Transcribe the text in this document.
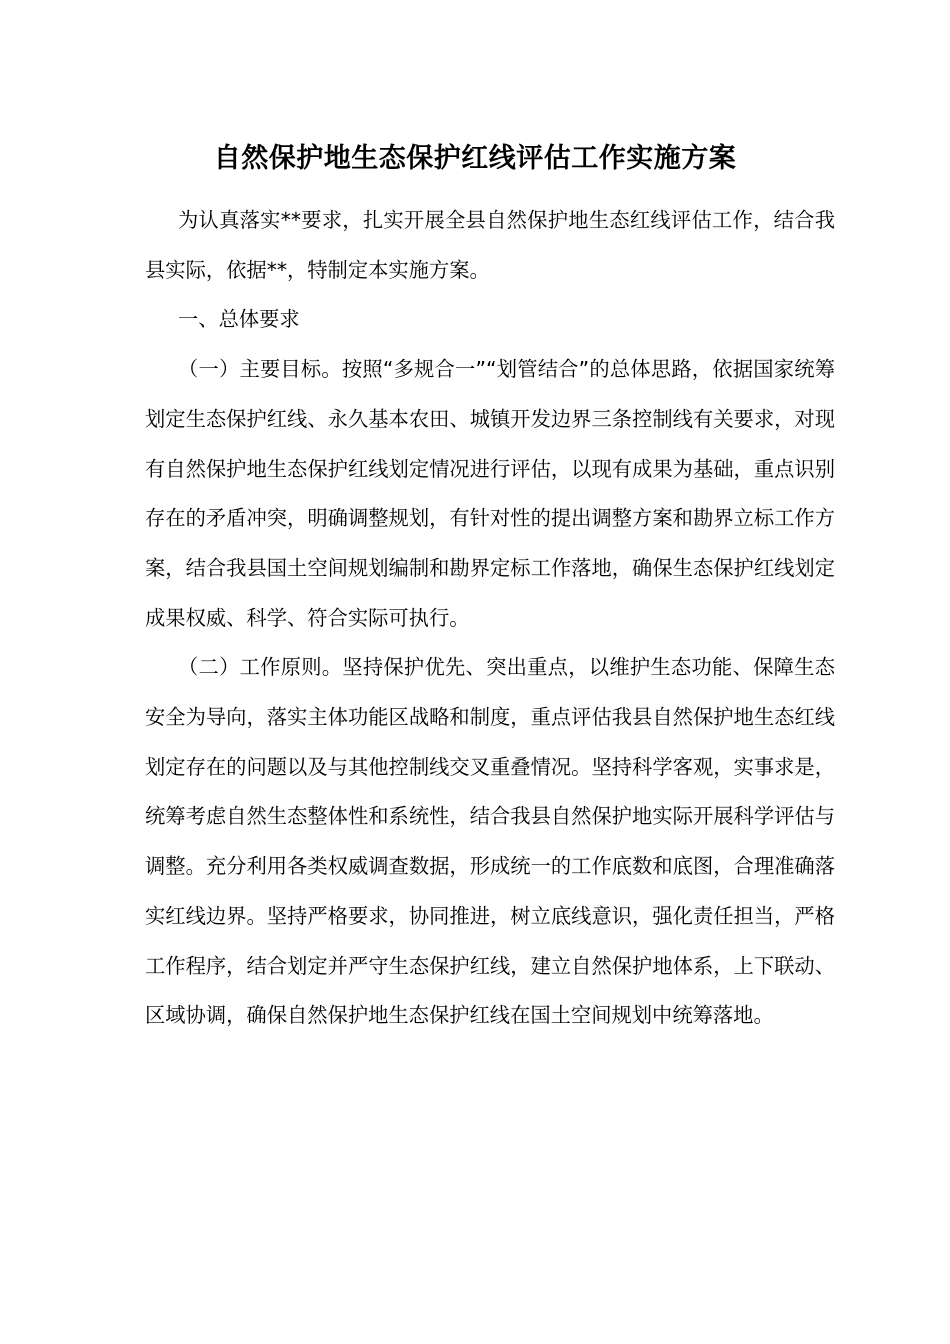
自然保护地生态保护红线评估工作实施方案

为认真落实**要求，扎实开展全县自然保护地生态红线评估工作，结合我县实际，依据**，特制定本实施方案。

一、总体要求

（一）主要目标。按照“多规合一”“划管结合”的总体思路，依据国家统筹划定生态保护红线、永久基本农田、城镇开发边界三条控制线有关要求，对现有自然保护地生态保护红线划定情况进行评估，以现有成果为基础，重点识别存在的矛盾冲突，明确调整规划，有针对性的提出调整方案和勘界立标工作方案，结合我县国土空间规划编制和勘界定标工作落地，确保生态保护红线划定成果权威、科学、符合实际可执行。

（二）工作原则。坚持保护优先、突出重点，以维护生态功能、保障生态安全为导向，落实主体功能区战略和制度，重点评估我县自然保护地生态红线划定存在的问题以及与其他控制线交叉重叠情况。坚持科学客观，实事求是，统筹考虑自然生态整体性和系统性，结合我县自然保护地实际开展科学评估与调整。充分利用各类权威调查数据，形成统一的工作底数和底图，合理准确落实红线边界。坚持严格要求，协同推进，树立底线意识，强化责任担当，严格工作程序，结合划定并严守生态保护红线，建立自然保护地体系，上下联动、区域协调，确保自然保护地生态保护红线在国土空间规划中统筹落地。
